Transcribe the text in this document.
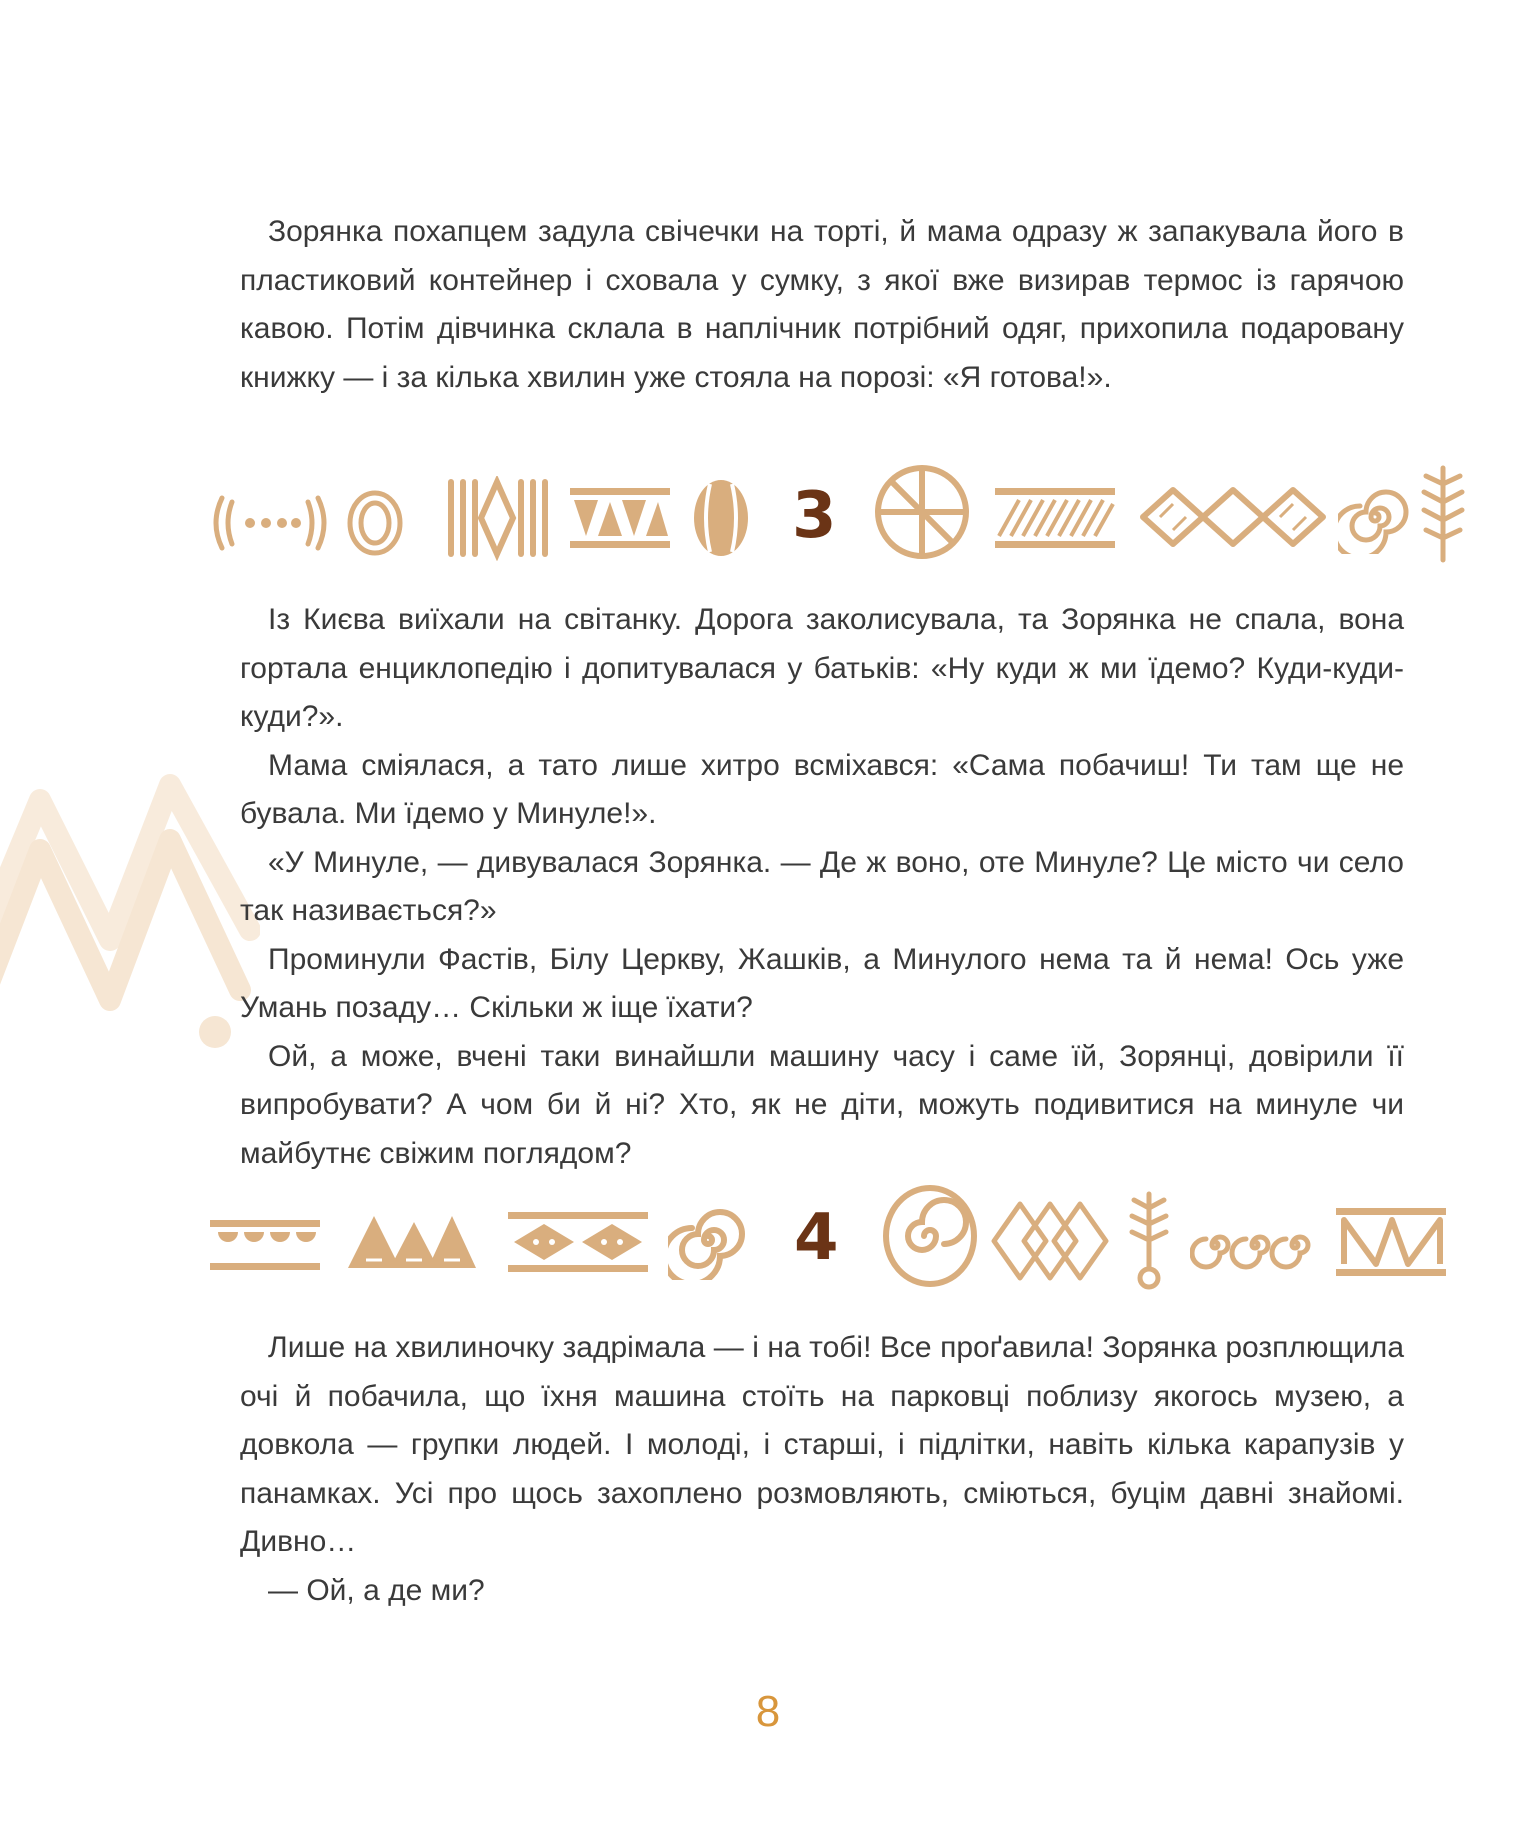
Зорянка похапцем задула свічечки на торті, й мама одразу ж запакувала його в пластиковий контейнер і сховала у сумку, з якої вже визирав термос із гарячою кавою. Потім дівчинка склала в наплічник потрібний одяг, прихопила подаровану книжку — і за кілька хвилин уже стояла на порозі: «Я готова!».

3

Із Києва виїхали на світанку. Дорога заколисувала, та Зорянка не спала, вона гортала енциклопедію і допитувалася у батьків: «Ну куди ж ми їдемо? Куди-куди-куди?».

Мама сміялася, а тато лише хитро всміхався: «Сама побачиш! Ти там ще не бувала. Ми їдемо у Минуле!».

«У Минуле, — дивувалася Зорянка. — Де ж воно, оте Минуле? Це місто чи село так називається?»

Проминули Фастів, Білу Церкву, Жашків, а Минулого нема та й нема! Ось уже Умань позаду… Скільки ж іще їхати?

Ой, а може, вчені таки винайшли машину часу і саме їй, Зорянці, довірили її випробувати? А чом би й ні? Хто, як не діти, можуть подивитися на минуле чи майбутнє свіжим поглядом?

4

Лише на хвилиночку задрімала — і на тобі! Все проґавила! Зорянка розплющила очі й побачила, що їхня машина стоїть на парковці поблизу якогось музею, а довкола — групки людей. І молоді, і старші, і підлітки, навіть кілька карапузів у панамках. Усі про щось захоплено розмовляють, сміються, буцім давні знайомі. Дивно…

— Ой, а де ми?

8
